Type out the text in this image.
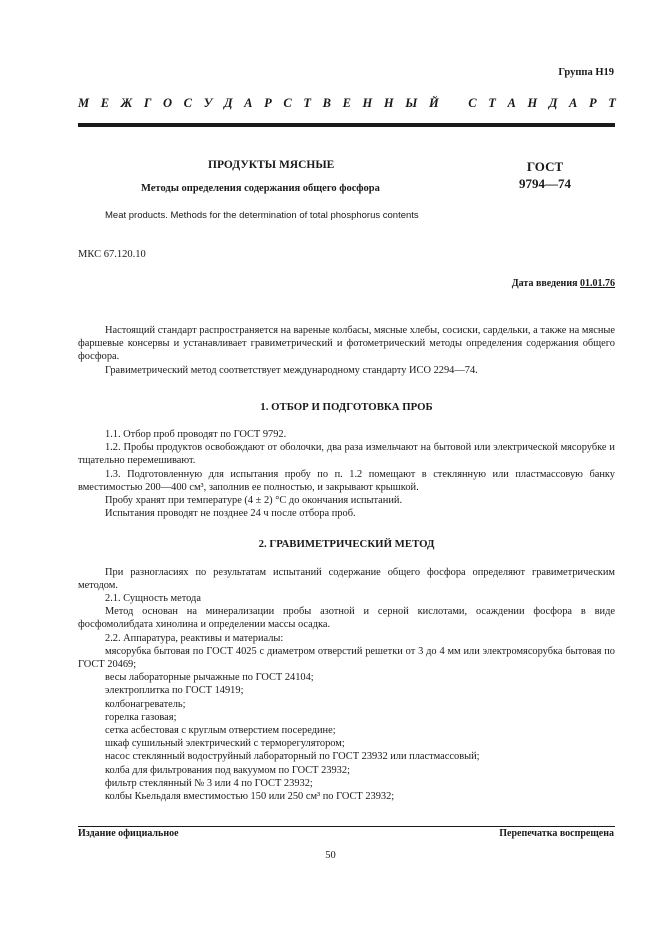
Группа Н19
М Е Ж Г О С У Д А Р С Т В Е Н Н Ы Й
С Т А Н Д А Р Т
ПРОДУКТЫ МЯСНЫЕ	ГОСТ
9794—74
Методы определения содержания общего фосфора
Meat products. Methods for the determination of total phosphorus contents
МКС 67.120.10
Дата введения 01.01.76

Настоящий стандарт распространяется на вареные колбасы, мясные хлебы, сосиски, сардельки, а также на мясные фаршевые консервы и устанавливает гравиметрический и фотометрический методы определения содержания общего фосфора.

Гравиметрический метод соответствует международному стандарту ИСО 2294—74.

1. ОТБОР И ПОДГОТОВКА ПРОБ

1.1. Отбор проб проводят по ГОСТ 9792.

1.2. Пробы продуктов освобождают от оболочки, два раза измельчают на бытовой или электрической мясорубке и тщательно перемешивают.

1.3. Подготовленную для испытания пробу по п. 1.2 помещают в стеклянную или пластмассовую банку вместимостью 200—400 см³, заполнив ее полностью, и закрывают крышкой.

Пробу хранят при температуре (4 ± 2) °С до окончания испытаний.

Испытания проводят не позднее 24 ч после отбора проб.

2. ГРАВИМЕТРИЧЕСКИЙ МЕТОД

При разногласиях по результатам испытаний содержание общего фосфора определяют гравиметрическим методом.

2.1. Сущность метода

Метод основан на минерализации пробы азотной и серной кислотами, осаждении фосфора в виде фосфомолибдата хинолина и определении массы осадка.

2.2. Аппаратура, реактивы и материалы:

мясорубка бытовая по ГОСТ 4025 с диаметром отверстий решетки от 3 до 4 мм или электромясорубка бытовая по ГОСТ 20469;

весы лабораторные рычажные по ГОСТ 24104;

электроплитка по ГОСТ 14919;

колбонагреватель;

горелка газовая;

сетка асбестовая с круглым отверстием посередине;

шкаф сушильный электрический с терморегулятором;

насос стеклянный водоструйный лабораторный по ГОСТ 23932 или пластмассовый;

колба для фильтрования под вакуумом по ГОСТ 23932;

фильтр стеклянный № 3 или 4 по ГОСТ 23932;

колбы Кьельдаля вместимостью 150 или 250 см³ по ГОСТ 23932;

Издание официальное	Перепечатка воспрещена
50
